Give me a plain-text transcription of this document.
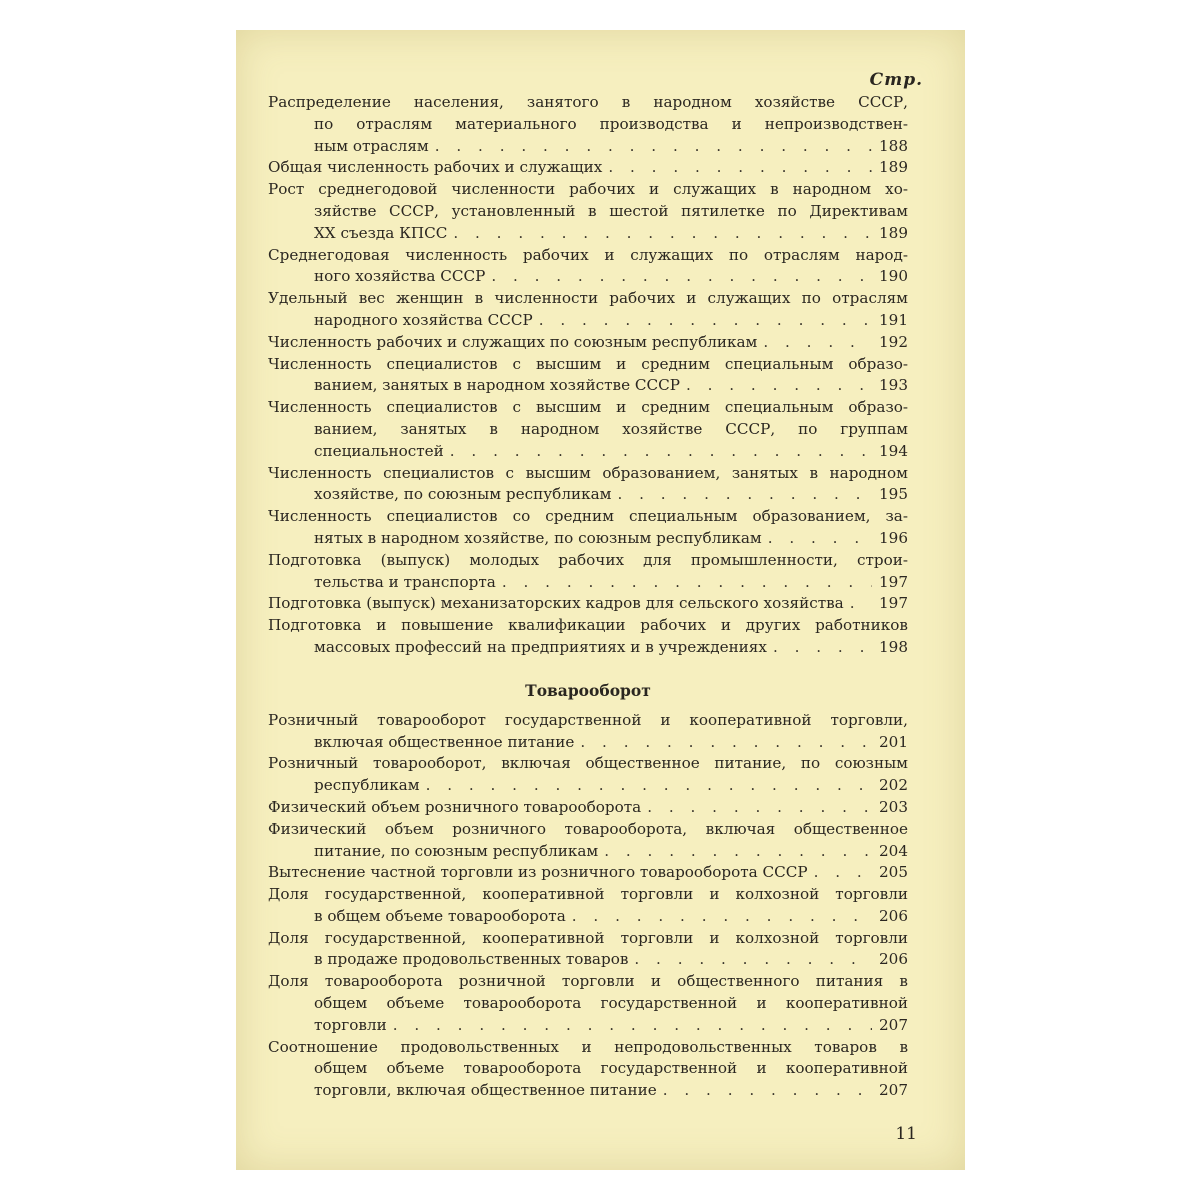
Стр.
Распределение населения, занятого в народном хозяйстве СССР,
по отраслям материального производства и непроизводствен-
ным отраслям . . .	188
Общая численность рабочих и служащих . . .	189
Рост среднегодовой численности рабочих и служащих в народном хо-
зяйстве СССР, установленный в шестой пятилетке по Директивам
XX съезда КПСС . . .	189
Среднегодовая численность рабочих и служащих по отраслям народ-
ного хозяйства СССР . . .	190
Удельный вес женщин в численности рабочих и служащих по отраслям
народного хозяйства СССР . . .	191
Численность рабочих и служащих по союзным республикам . . .	192
Численность специалистов с высшим и средним специальным образо-
ванием, занятых в народном хозяйстве СССР . . .	193
Численность специалистов с высшим и средним специальным образо-
ванием, занятых в народном хозяйстве СССР, по группам
специальностей . . .	194
Численность специалистов с высшим образованием, занятых в народном
хозяйстве, по союзным республикам . . .	195
Численность специалистов со средним специальным образованием, за-
нятых в народном хозяйстве, по союзным республикам . . .	196
Подготовка (выпуск) молодых рабочих для промышленности, строи-
тельства и транспорта . . .	197
Подготовка (выпуск) механизаторских кадров для сельского хозяйства . . . 197
Подготовка и повышение квалификации рабочих и других работников
массовых профессий на предприятиях и в учреждениях . . .	198
Товарооборот
Розничный товарооборот государственной и кооперативной торговли,
включая общественное питание . . .	201
Розничный товарооборот, включая общественное питание, по союзным
республикам . . .	202
Физический объем розничного товарооборота . . .	203
Физический объем розничного товарооборота, включая общественное
питание, по союзным республикам . . .	204
Вытеснение частной торговли из розничного товарооборота СССР . . .	205
Доля государственной, кооперативной торговли и колхозной торговли
в общем объеме товарооборота . . .	206
Доля государственной, кооперативной торговли и колхозной торговли
в продаже продовольственных товаров . . .	206
Доля товарооборота розничной торговли и общественного питания в
общем объеме товарооборота государственной и кооперативной
торговли . . .	207
Соотношение продовольственных и непродовольственных товаров в
общем объеме товарооборота государственной и кооперативной
торговли, включая общественное питание . . .	207
11
